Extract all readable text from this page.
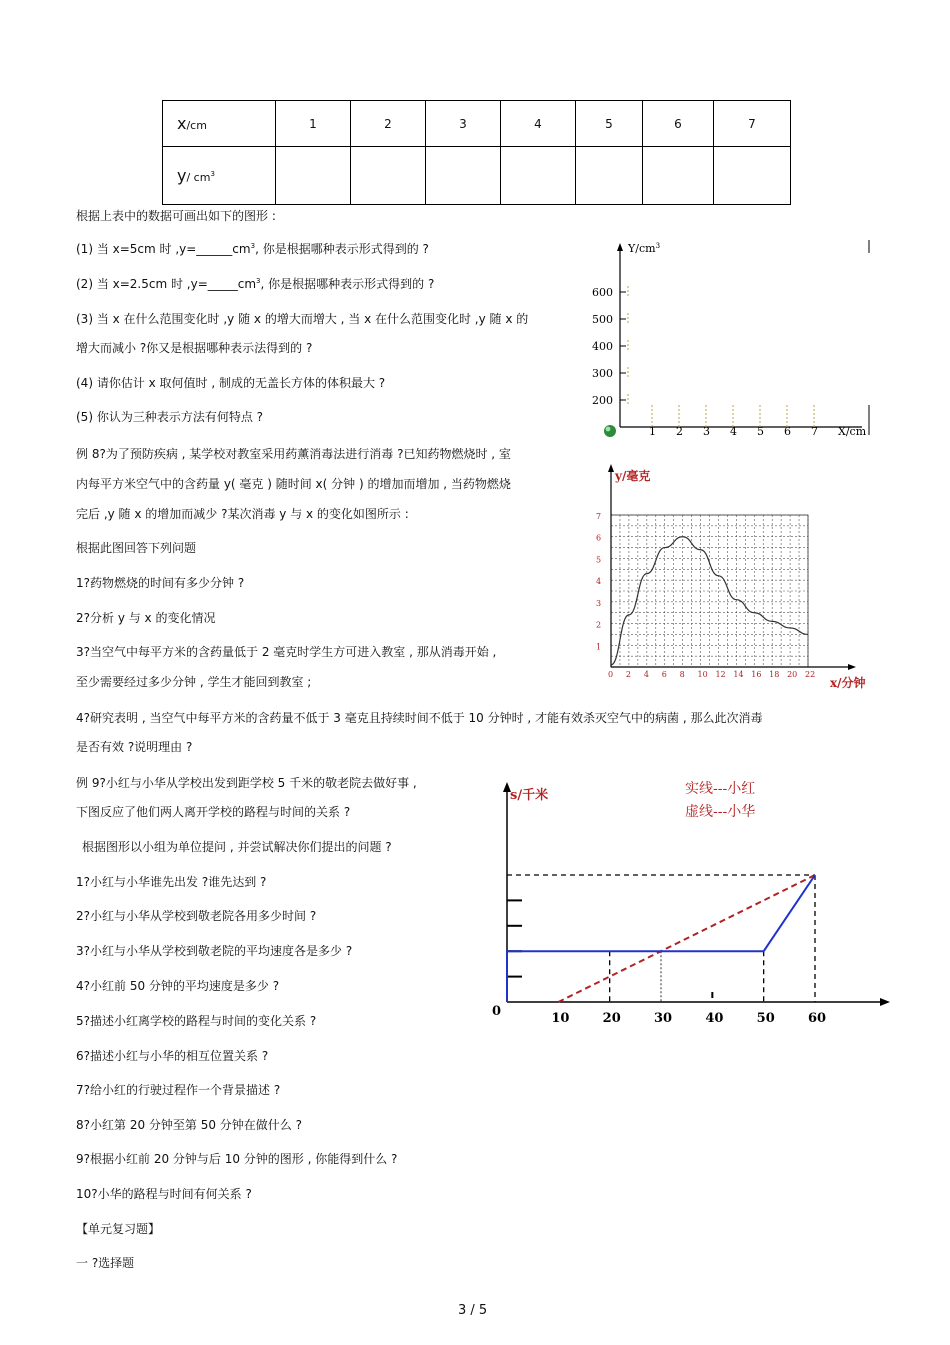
x/cm	1	2	3	4	5	6	7
y/ $cm^3$							
根据上表中的数据可画出如下的图形 :
(1) 当 x=5cm 时 $,y=\_\_\_\_\_\_cm^3$, 你是根据哪种表示形式得到的 ?
(2) 当 x=2.5cm 时 $,y=\_\_\_\_\_cm^3$, 你是根据哪种表示形式得到的 ?
(3) 当 x 在什么范围变化时 ,y 随 x 的增大而增大 , 当 x 在什么范围变化时 ,y 随 x 的
增大而减小 ?你又是根据哪种表示法得到的 ?
(4) 请你估计 x 取何值时 , 制成的无盖长方体的体积最大 ?
(5) 你认为三种表示方法有何特点 ?
例 8?为了预防疾病 , 某学校对教室采用药薰消毒法进行消毒 ?已知药物燃烧时 , 室
内每平方米空气中的含药量 y( 毫克 ) 随时间 x( 分钟 ) 的增加而增加 , 当药物燃烧
完后 ,y 随 x 的增加而减少 ?某次消毒 y 与 x 的变化如图所示 :
根据此图回答下列问题
1?药物燃烧的时间有多少分钟 ?
2?分析 y 与 x 的变化情况
3?当空气中每平方米的含药量低于 2 毫克时学生方可进入教室 , 那从消毒开始 ,
至少需要经过多少分钟 , 学生才能回到教室 ;
4?研究表明 , 当空气中每平方米的含药量不低于 3 毫克且持续时间不低于 10 分钟时 , 才能有效杀灭空气中的病菌 , 那么此次消毒
是否有效 ?说明理由 ?
例 9?小红与小华从学校出发到距学校 5 千米的敬老院去做好事 ,
下图反应了他们两人离开学校的路程与时间的关系 ?
根据图形以小组为单位提问 , 并尝试解决你们提出的问题 ?
1?小红与小华谁先出发 ?谁先达到 ?
2?小红与小华从学校到敬老院各用多少时间 ?
3?小红与小华从学校到敬老院的平均速度各是多少 ?
4?小红前 50 分钟的平均速度是多少 ?
5?描述小红离学校的路程与时间的变化关系 ?
6?描述小红与小华的相互位置关系 ?
7?给小红的行驶过程作一个背景描述 ?
8?小红第 20 分钟至第 50 分钟在做什么 ?
9?根据小红前 20 分钟与后 10 分钟的图形 , 你能得到什么 ?
10?小华的路程与时间有何关系 ?
【单元复习题】
一 ?选择题
3 / 5
$Y/cm^3$
X/cm
600
500
400
300
200
1 2 3 4 5 6 7
y/毫克
x/分钟
7
6
5
4
3
2
1
0 2 4 6 8 10 12 14 16 18 20 22
s/千米	实线---小红
虚线---小华
0	10	20	30	40	50	60
